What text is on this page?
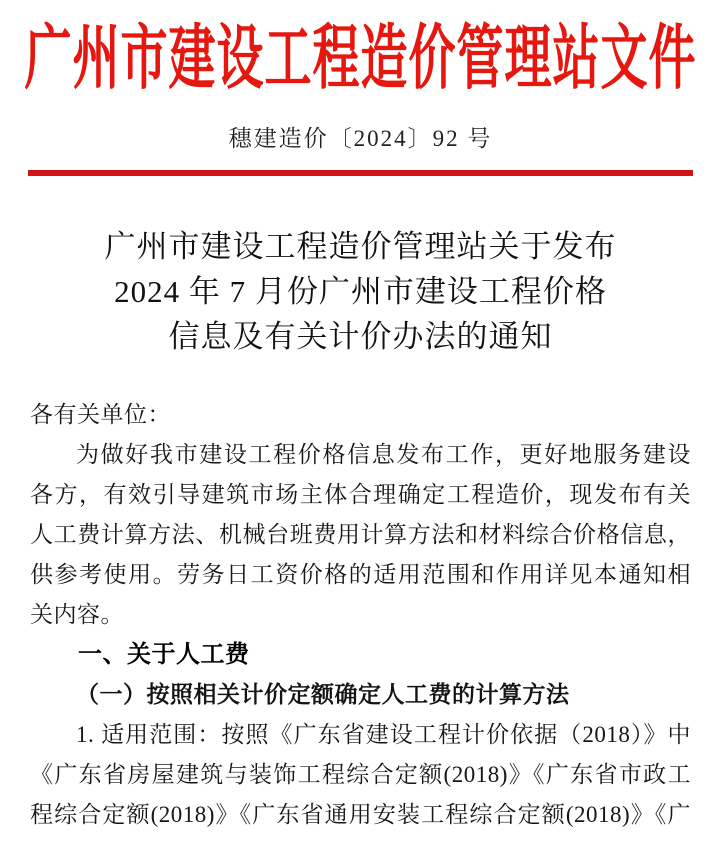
广州市建设工程造价管理站文件
穗建造价〔2024〕92 号
广州市建设工程造价管理站关于发布
2024 年 7 月份广州市建设工程价格
信息及有关计价办法的通知
各有关单位：
为做好我市建设工程价格信息发布工作，更好地服务建设
各方，有效引导建筑市场主体合理确定工程造价，现发布有关
人工费计算方法、机械台班费用计算方法和材料综合价格信息，
供参考使用。劳务日工资价格的适用范围和作用详见本通知相
关内容。
一、关于人工费
（一）按照相关计价定额确定人工费的计算方法
1. 适用范围：按照《广东省建设工程计价依据（2018）》中
《广东省房屋建筑与装饰工程综合定额(2018)》《广东省市政工
程综合定额(2018)》《广东省通用安装工程综合定额(2018)》《广
